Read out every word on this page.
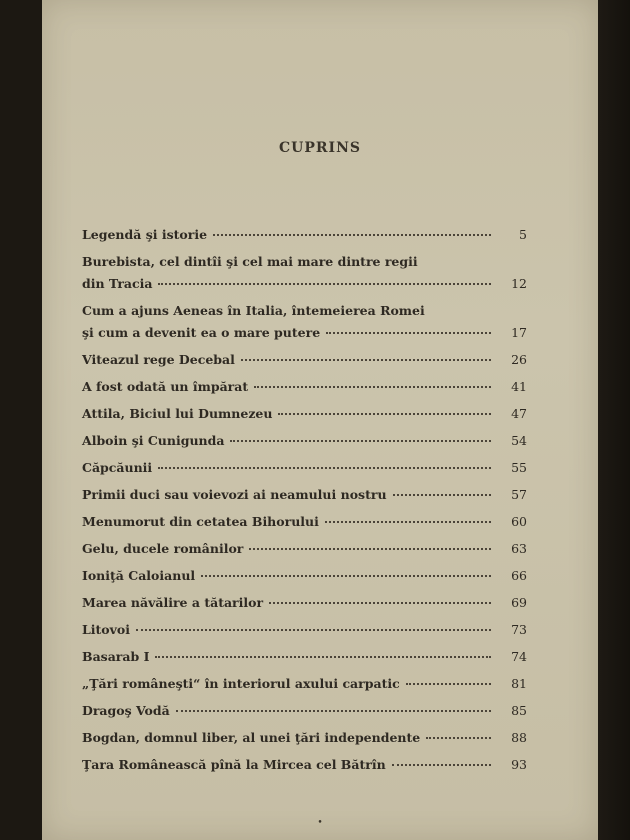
CUPRINS
Legendă şi istorie	5
Burebista, cel dintîi şi cel mai mare dintre regii
din Tracia	12
Cum a ajuns Aeneas în Italia, întemeierea Romei
şi cum a devenit ea o mare putere	17
Viteazul rege Decebal	26
A fost odată un împărat	41
Attila, Biciul lui Dumnezeu	47
Alboin şi Cunigunda	54
Căpcăunii	55
Primii duci sau voievozi ai neamului nostru	57
Menumorut din cetatea Bihorului	60
Gelu, ducele românilor	63
Ioniţă Caloianul	66
Marea năvălire a tătarilor	69
Litovoi	73
Basarab I	74
„Ţări româneşti“ în interiorul axului carpatic	81
Dragoş Vodă	85
Bogdan, domnul liber, al unei ţări independente	88
Ţara Românească pînă la Mircea cel Bătrîn	93
•
